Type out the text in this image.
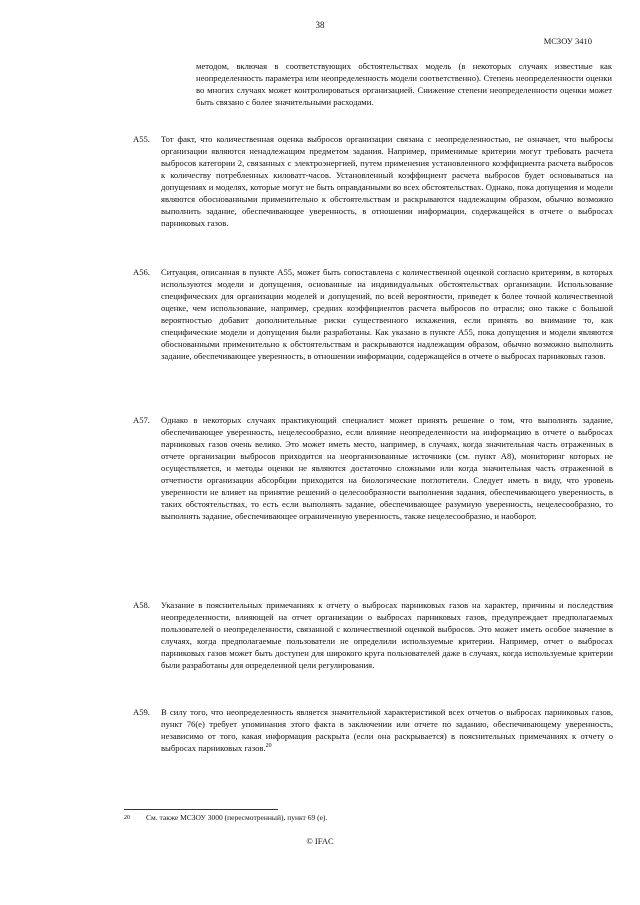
38
МСЗОУ 3410

методом, включая в соответствующих обстоятельствах модель (в некоторых случаях известные как неопределенность параметра или неопределенность модели соответственно). Степень неопределенности оценки во многих случаях может контролироваться организацией. Снижение степени неопределенности оценки может быть связано с более значительными расходами.

A55.	Тот факт, что количественная оценка выбросов организации связана с неопределенностью, не означает, что выбросы организации являются ненадлежащим предметом задания. Например, применимые критерии могут требовать расчета выбросов категории 2, связанных с электроэнергией, путем применения установленного коэффициента расчета выбросов к количеству потребленных киловатт-часов. Установленный коэффициент расчета выбросов будет основываться на допущениях и моделях, которые могут не быть оправданными во всех обстоятельствах. Однако, пока допущения и модели являются обоснованными применительно к обстоятельствам и раскрываются надлежащим образом, обычно возможно выполнить задание, обеспечивающее уверенность, в отношении информации, содержащейся в отчете о выбросах парниковых газов.
A56.	Ситуация, описанная в пункте A55, может быть сопоставлена с количественной оценкой согласно критериям, в которых используются модели и допущения, основанные на индивидуальных обстоятельствах организации. Использование специфических для организации моделей и допущений, по всей вероятности, приведет к более точной количественной оценке, чем использование, например, средних коэффициентов расчета выбросов по отрасли; оно также с большой вероятностью добавит дополнительные риски существенного искажения, если принять во внимание то, как специфические модели и допущения были разработаны. Как указано в пункте A55, пока допущения и модели являются обоснованными применительно к обстоятельствам и раскрываются надлежащим образом, обычно возможно выполнить задание, обеспечивающее уверенность, в отношении информации, содержащейся в отчете о выбросах парниковых газов.
A57.	Однако в некоторых случаях практикующий специалист может принять решение о том, что выполнять задание, обеспечивающее уверенность, нецелесообразно, если влияние неопределенности на информацию в отчете о выбросах парниковых газов очень велико. Это может иметь место, например, в случаях, когда значительная часть отраженных в отчете организации выбросов приходится на неорганизованные источники (см. пункт A8), мониторинг которых не осуществляется, и методы оценки не являются достаточно сложными или когда значительная часть отраженной в отчетности организации абсорбции приходится на биологические поглотители. Следует иметь в виду, что уровень уверенности не влияет на принятие решений о целесообразности выполнения задания, обеспечивающего уверенность, в таких обстоятельствах, то есть если выполнять задание, обеспечивающее разумную уверенность, нецелесообразно, то выполнять задание, обеспечивающее ограниченную уверенность, также нецелесообразно, и наоборот.
A58.	Указание в пояснительных примечаниях к отчету о выбросах парниковых газов на характер, причины и последствия неопределенности, влияющей на отчет организации о выбросах парниковых газов, предупреждает предполагаемых пользователей о неопределенности, связанной с количественной оценкой выбросов. Это может иметь особое значение в случаях, когда предполагаемые пользователи не определили используемые критерии. Например, отчет о выбросах парниковых газов может быть доступен для широкого круга пользователей даже в случаях, когда используемые критерии были разработаны для определенной цели регулирования.
A59.	В силу того, что неопределенность является значительной характеристикой всех отчетов о выбросах парниковых газов, пункт 76(е) требует упоминания этого факта в заключении или отчете по заданию, обеспечивающему уверенность, независимо от того, какая информация раскрыта (если она раскрывается) в пояснительных примечаниях к отчету о выбросах парниковых газов.$^{20}$
20 См. также МСЗОУ 3000 (пересмотренный), пункт 69 (е).
© IFAC
